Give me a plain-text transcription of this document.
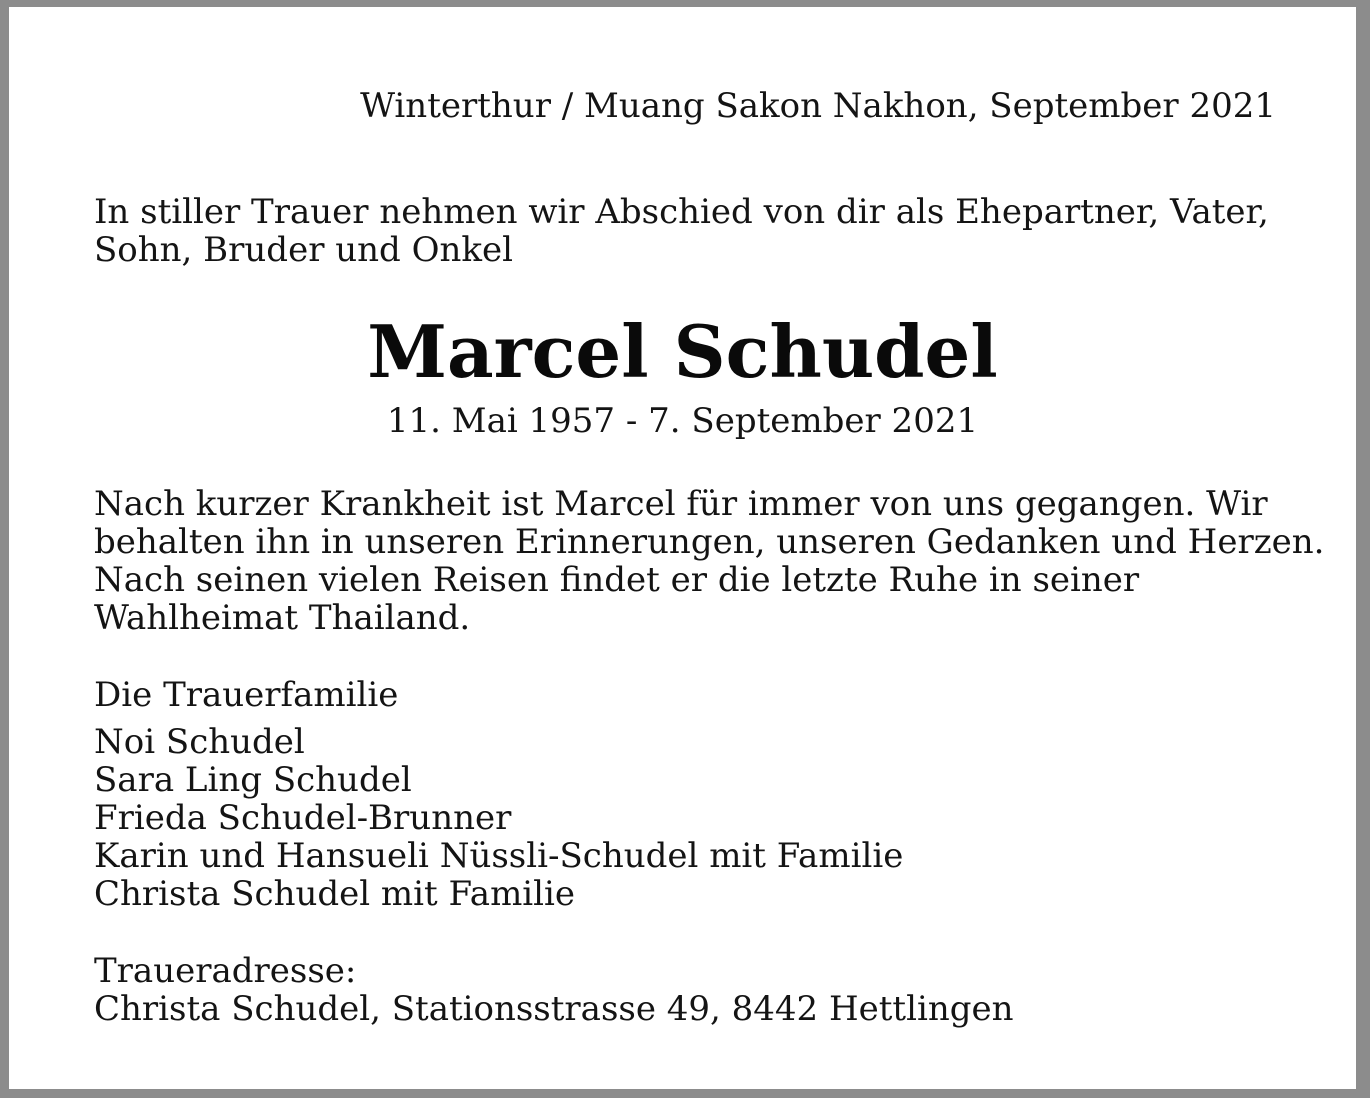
Winterthur / Muang Sakon Nakhon, September 2021
In stiller Trauer nehmen wir Abschied von dir als Ehepartner, Vater,
Sohn, Bruder und Onkel
Marcel Schudel
11. Mai 1957 - 7. September 2021
Nach kurzer Krankheit ist Marcel für immer von uns gegangen. Wir
behalten ihn in unseren Erinnerungen, unseren Gedanken und Herzen.
Nach seinen vielen Reisen findet er die letzte Ruhe in seiner
Wahlheimat Thailand.
Die Trauerfamilie
Noi Schudel
Sara Ling Schudel
Frieda Schudel-Brunner
Karin und Hansueli Nüssli-Schudel mit Familie
Christa Schudel mit Familie
Traueradresse:
Christa Schudel, Stationsstrasse 49, 8442 Hettlingen
